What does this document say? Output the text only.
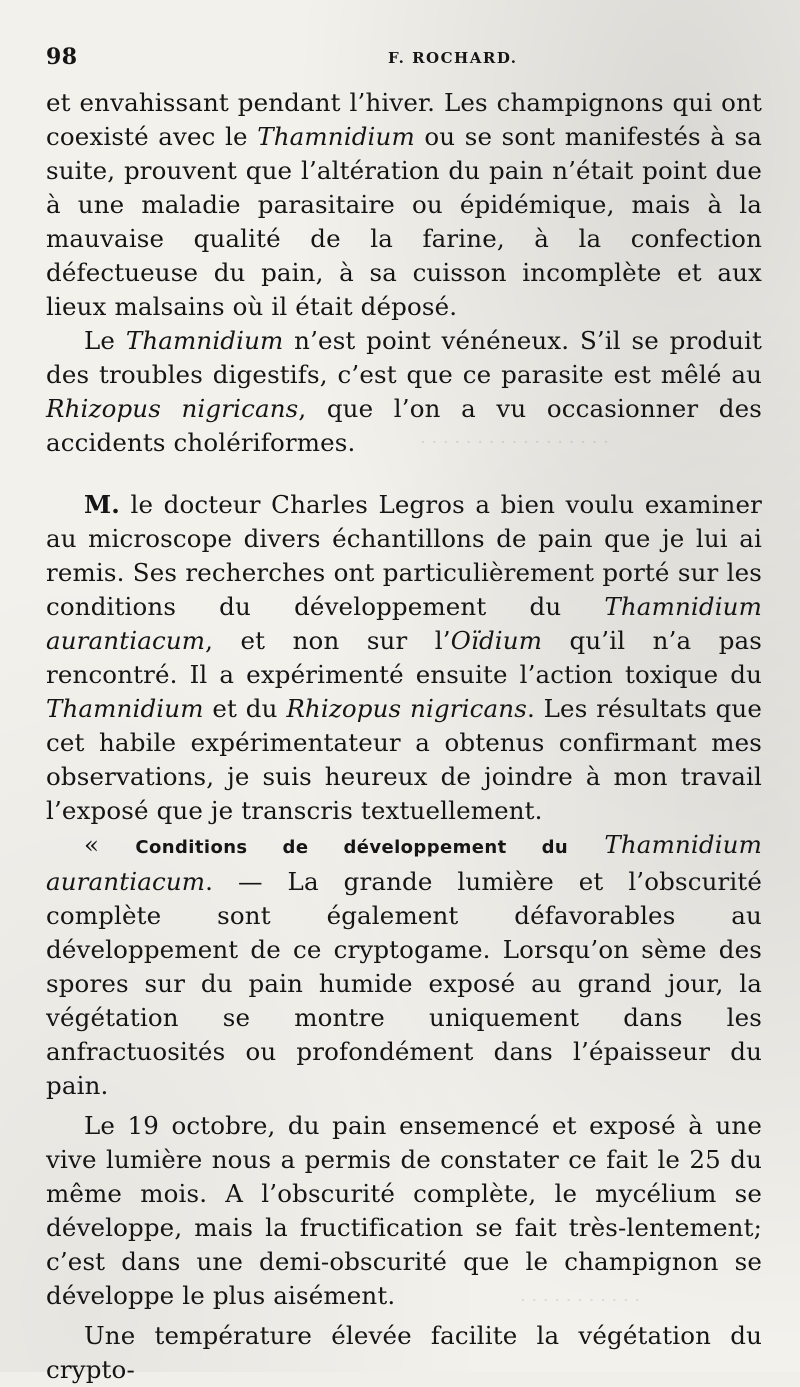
98	F. ROCHARD.
· · · · · · · · · · · · · · · · ·
· · · · · · · · · · ·

et envahissant pendant l’hiver. Les champignons qui ont coexisté avec le Thamnidium ou se sont manifestés à sa suite, prouvent que l’altération du pain n’était point due à une maladie parasitaire ou épidémique, mais à la mauvaise qualité de la farine, à la confection défectueuse du pain, à sa cuisson incomplète et aux lieux malsains où il était déposé.

Le Thamnidium n’est point vénéneux. S’il se produit des troubles digestifs, c’est que ce parasite est mêlé au Rhizopus nigricans, que l’on a vu occasionner des accidents cholériformes.

M. le docteur Charles Legros a bien voulu examiner au microscope divers échantillons de pain que je lui ai remis. Ses recherches ont particulièrement porté sur les conditions du développement du Thamnidium aurantiacum, et non sur l’Oïdium qu’il n’a pas rencontré. Il a expérimenté ensuite l’action toxique du Thamnidium et du Rhizopus nigricans. Les résultats que cet habile expérimentateur a obtenus confirmant mes observations, je suis heureux de joindre à mon travail l’exposé que je transcris textuellement.

« Conditions de développement du Thamnidium aurantiacum. — La grande lumière et l’obscurité complète sont également défavorables au développement de ce cryptogame. Lorsqu’on sème des spores sur du pain humide exposé au grand jour, la végétation se montre uniquement dans les anfractuosités ou profondément dans l’épaisseur du pain.

Le 19 octobre, du pain ensemencé et exposé à une vive lumière nous a permis de constater ce fait le 25 du même mois. A l’obscurité complète, le mycélium se développe, mais la fructification se fait très-lentement; c’est dans une demi-obscurité que le champignon se développe le plus aisément.

Une température élevée facilite la végétation du crypto-
